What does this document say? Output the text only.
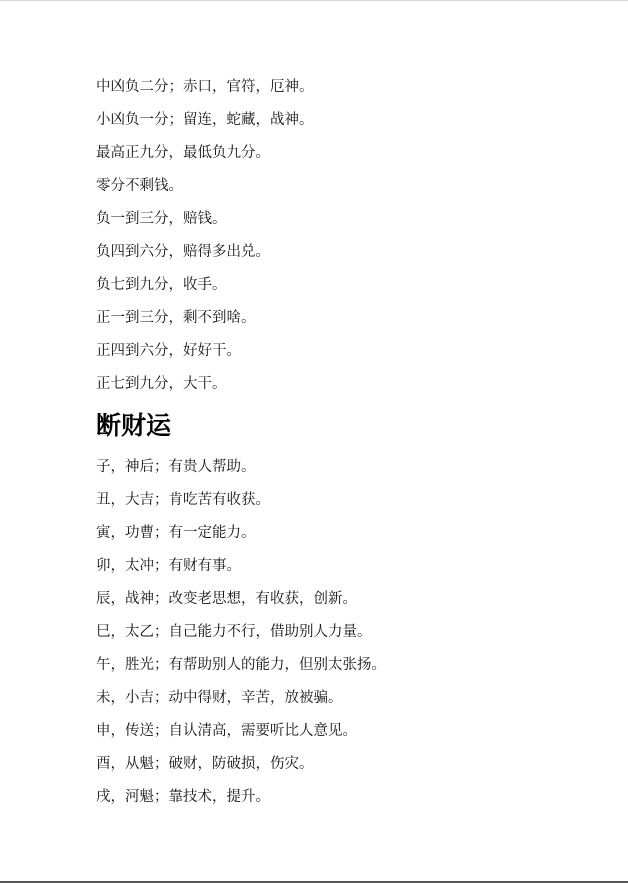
中凶负二分；赤口，官符，厄神。

小凶负一分；留连，蛇藏，战神。

最高正九分，最低负九分。

零分不剩钱。

负一到三分，赔钱。

负四到六分，赔得多出兑。

负七到九分，收手。

正一到三分，剩不到啥。

正四到六分，好好干。

正七到九分，大干。

断财运

子，神后；有贵人帮助。

丑，大吉；肯吃苦有收获。

寅，功曹；有一定能力。

卯，太冲；有财有事。

辰，战神；改变老思想，有收获，创新。

巳，太乙；自己能力不行，借助别人力量。

午，胜光；有帮助别人的能力，但别太张扬。

未，小吉；动中得财，辛苦，放被骗。

申，传送；自认清高，需要听比人意见。

酉，从魁；破财，防破损，伤灾。

戌，河魁；靠技术，提升。
